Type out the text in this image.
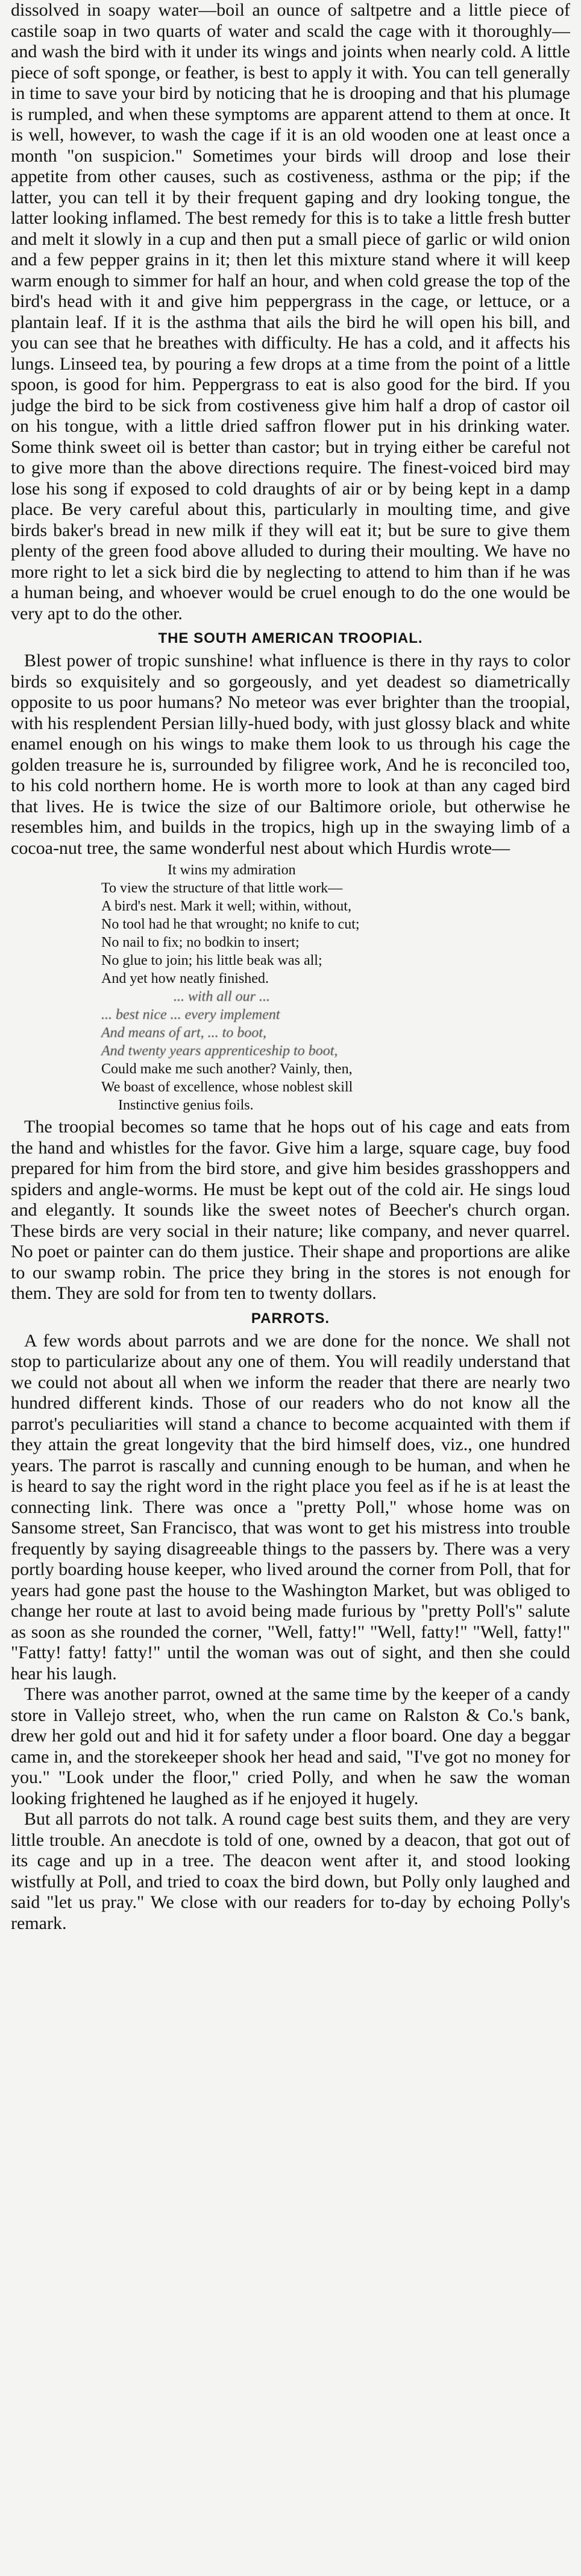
dissolved in soapy water—boil an ounce of saltpetre and a little piece of castile soap in two quarts of water and scald the cage with it thoroughly—and wash the bird with it under its wings and joints when nearly cold. A little piece of soft sponge, or feather, is best to apply it with. You can tell generally in time to save your bird by noticing that he is drooping and that his plumage is rumpled, and when these symptoms are apparent attend to them at once. It is well, however, to wash the cage if it is an old wooden one at least once a month "on suspicion." Sometimes your birds will droop and lose their appetite from other causes, such as costiveness, asthma or the pip; if the latter, you can tell it by their frequent gaping and dry looking tongue, the latter looking inflamed. The best remedy for this is to take a little fresh butter and melt it slowly in a cup and then put a small piece of garlic or wild onion and a few pepper grains in it; then let this mixture stand where it will keep warm enough to simmer for half an hour, and when cold grease the top of the bird's head with it and give him peppergrass in the cage, or lettuce, or a plantain leaf. If it is the asthma that ails the bird he will open his bill, and you can see that he breathes with difficulty. He has a cold, and it affects his lungs. Linseed tea, by pouring a few drops at a time from the point of a little spoon, is good for him. Peppergrass to eat is also good for the bird. If you judge the bird to be sick from costiveness give him half a drop of castor oil on his tongue, with a little dried saffron flower put in his drinking water. Some think sweet oil is better than castor; but in trying either be careful not to give more than the above directions require. The finest-voiced bird may lose his song if exposed to cold draughts of air or by being kept in a damp place. Be very careful about this, particularly in moulting time, and give birds baker's bread in new milk if they will eat it; but be sure to give them plenty of the green food above alluded to during their moulting. We have no more right to let a sick bird die by neglecting to attend to him than if he was a human being, and whoever would be cruel enough to do the one would be very apt to do the other.

THE SOUTH AMERICAN TROOPIAL.

Blest power of tropic sunshine! what influence is there in thy rays to color birds so exquisitely and so gorgeously, and yet deadest so diametrically opposite to us poor humans? No meteor was ever brighter than the troopial, with his resplendent Persian lilly-hued body, with just glossy black and white enamel enough on his wings to make them look to us through his cage the golden treasure he is, surrounded by filigree work, And he is reconciled too, to his cold northern home. He is worth more to look at than any caged bird that lives. He is twice the size of our Baltimore oriole, but otherwise he resembles him, and builds in the tropics, high up in the swaying limb of a cocoa-nut tree, the same wonderful nest about which Hurdis wrote—

It wins my admiration
To view the structure of that little work—
A bird's nest. Mark it well; within, without,
No tool had he that wrought; no knife to cut;
No nail to fix; no bodkin to insert;
No glue to join; his little beak was all;
And yet how neatly finished.
... with all our ...
... best nice ... every implement
And means of art, ... to boot,
And twenty years apprenticeship to boot,
Could make me such another? Vainly, then,
We boast of excellence, whose noblest skill
Instinctive genius foils.

The troopial becomes so tame that he hops out of his cage and eats from the hand and whistles for the favor. Give him a large, square cage, buy food prepared for him from the bird store, and give him besides grasshoppers and spiders and angle-worms. He must be kept out of the cold air. He sings loud and elegantly. It sounds like the sweet notes of Beecher's church organ. These birds are very social in their nature; like company, and never quarrel. No poet or painter can do them justice. Their shape and proportions are alike to our swamp robin. The price they bring in the stores is not enough for them. They are sold for from ten to twenty dollars.

PARROTS.

A few words about parrots and we are done for the nonce. We shall not stop to particularize about any one of them. You will readily understand that we could not about all when we inform the reader that there are nearly two hundred different kinds. Those of our readers who do not know all the parrot's peculiarities will stand a chance to become acquainted with them if they attain the great longevity that the bird himself does, viz., one hundred years. The parrot is rascally and cunning enough to be human, and when he is heard to say the right word in the right place you feel as if he is at least the connecting link. There was once a "pretty Poll," whose home was on Sansome street, San Francisco, that was wont to get his mistress into trouble frequently by saying disagreeable things to the passers by. There was a very portly boarding house keeper, who lived around the corner from Poll, that for years had gone past the house to the Washington Market, but was obliged to change her route at last to avoid being made furious by "pretty Poll's" salute as soon as she rounded the corner, "Well, fatty!" "Well, fatty!" "Well, fatty!" "Fatty! fatty! fatty!" until the woman was out of sight, and then she could hear his laugh.

There was another parrot, owned at the same time by the keeper of a candy store in Vallejo street, who, when the run came on Ralston & Co.'s bank, drew her gold out and hid it for safety under a floor board. One day a beggar came in, and the storekeeper shook her head and said, "I've got no money for you." "Look under the floor," cried Polly, and when he saw the woman looking frightened he laughed as if he enjoyed it hugely.

But all parrots do not talk. A round cage best suits them, and they are very little trouble. An anecdote is told of one, owned by a deacon, that got out of its cage and up in a tree. The deacon went after it, and stood looking wistfully at Poll, and tried to coax the bird down, but Polly only laughed and said "let us pray." We close with our readers for to-day by echoing Polly's remark.
